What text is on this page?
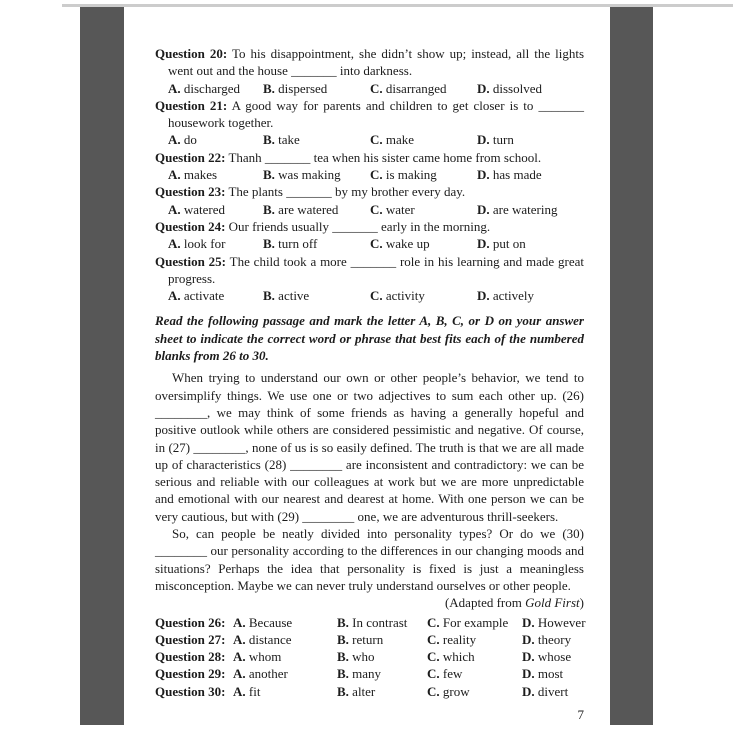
Question 20: To his disappointment, she didn’t show up; instead, all the lights went out and the house _______ into darkness.

A. discharged	B. dispersed	C. disarranged	D. dissolved

Question 21: A good way for parents and children to get closer is to _______ housework together.

A. do	B. take	C. make	D. turn

Question 22: Thanh _______ tea when his sister came home from school.

A. makes	B. was making	C. is making	D. has made

Question 23: The plants _______ by my brother every day.

A. watered	B. are watered	C. water	D. are watering

Question 24: Our friends usually _______ early in the morning.

A. look for	B. turn off	C. wake up	D. put on

Question 25: The child took a more _______ role in his learning and made great progress.

A. activate	B. active	C. activity	D. actively

Read the following passage and mark the letter A, B, C, or D on your answer sheet to indicate the correct word or phrase that best fits each of the numbered blanks from 26 to 30.

When trying to understand our own or other people’s behavior, we tend to oversimplify things. We use one or two adjectives to sum each other up. (26) ________, we may think of some friends as having a generally hopeful and positive outlook while others are considered pessimistic and negative. Of course, in (27) ________, none of us is so easily defined. The truth is that we are all made up of characteristics (28) ________ are inconsistent and contradictory: we can be serious and reliable with our colleagues at work but we are more unpredictable and emotional with our nearest and dearest at home. With one person we can be very cautious, but with (29) ________ one, we are adventurous thrill-seekers.

So, can people be neatly divided into personality types? Or do we (30) ________ our personality according to the differences in our changing moods and situations? Perhaps the idea that personality is fixed is just a meaningless misconception. Maybe we can never truly understand ourselves or other people.

(Adapted from Gold First)

Question 26: A. Because	B. In contrast	C. For example	D. However
Question 27: A. distance	B. return	C. reality	D. theory
Question 28: A. whom	B. who	C. which	D. whose
Question 29: A. another	B. many	C. few	D. most
Question 30: A. fit	B. alter	C. grow	D. divert
7
